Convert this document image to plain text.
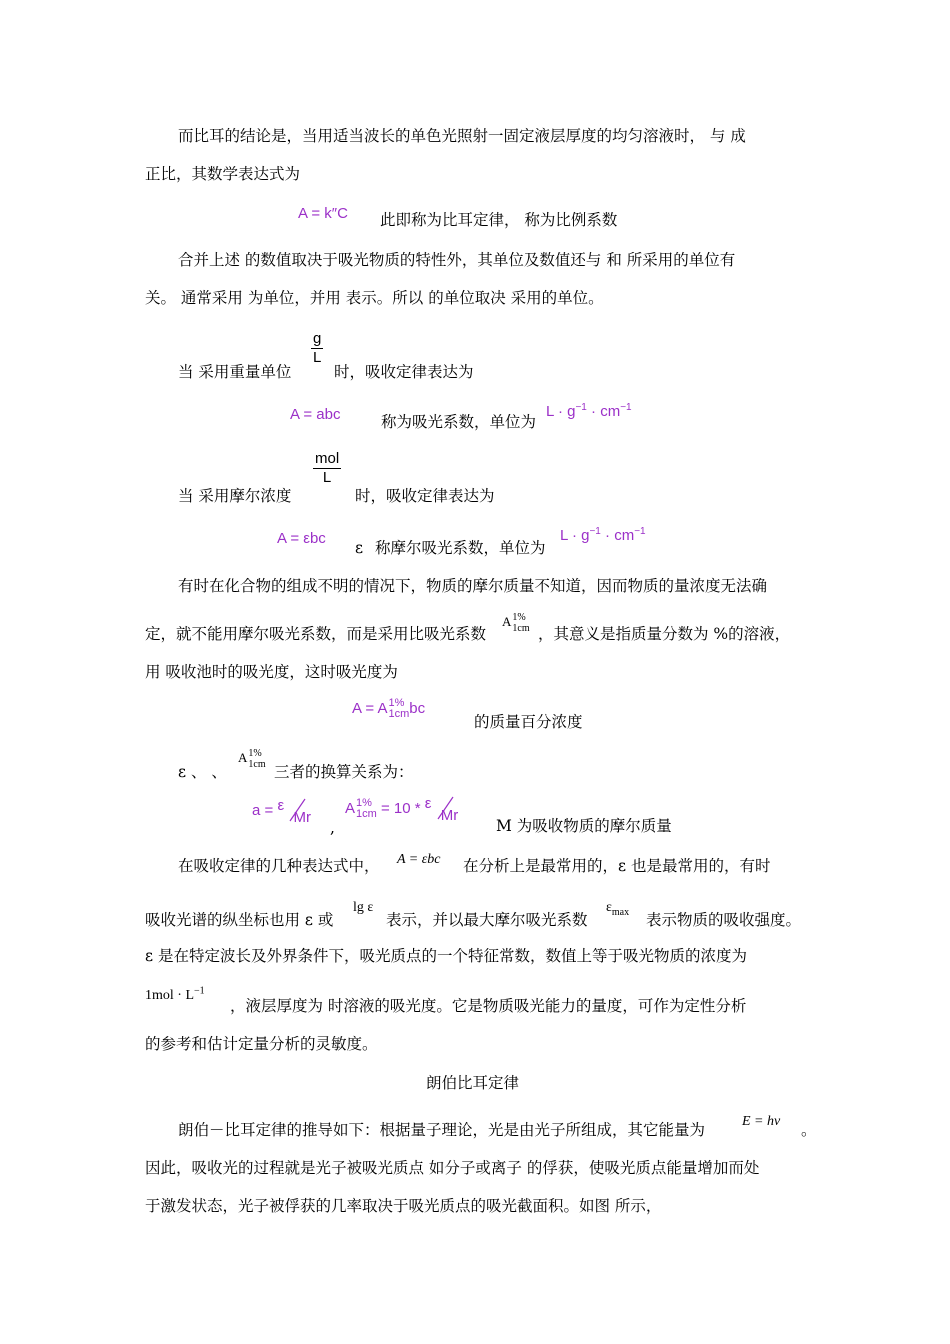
而比耳的结论是，当用适当波长的单色光照射一固定液层厚度的均匀溶液时， 与 成
正比，其数学表达式为
A = k″C 此即称为比耳定律， 称为比例系数
合并上述 的数值取决于吸光物质的特性外，其单位及数值还与 和 所采用的单位有
关。 通常采用 为单位，并用 表示。所以 的单位取决 采用的单位。
$\frac{g}{L}$
当 采用重量单位	时，吸收定律表达为
A = abc	称为吸光系数，单位为
$L \cdot g^{-1} \cdot cm^{-1}$
mol
L
当 采用摩尔浓度	时，吸收定律表达为
A = εbc
ε 称摩尔吸光系数，单位为
$L \cdot g^{-1} \cdot cm^{-1}$
有时在化合物的组成不明的情况下，物质的摩尔质量不知道，因而物质的量浓度无法确
定，就不能用摩尔吸光系数，而是采用比吸光系数
A 1%
1cm ，其意义是指质量分数为 %的溶液，
用 吸收池时的吸光度，这时吸光度为
A = A 1%
1cm bc
的质量百分浓度
ε 、 、
A 1%
1cm 三者的换算关系为：
a = ε
Mr
,
A 1%
1cm = 10 * ε
Mr
M 为吸收物质的摩尔质量
在吸收定律的几种表达式中， A = εbc 在分析上是最常用的，ε 也是最常用的，有时
吸收光谱的纵坐标也用 ε 或
lg ε
表示，并以最大摩尔吸光系数
$\varepsilon_{max}$ 表示物质的吸收强度。
ε 是在特定波长及外界条件下，吸光质点的一个特征常数，数值上等于吸光物质的浓度为
$1mol \cdot L^{-1}$
，液层厚度为 时溶液的吸光度。它是物质吸光能力的量度，可作为定性分析
的参考和估计定量分析的灵敏度。
朗伯比耳定律
朗伯－比耳定律的推导如下：根据量子理论，光是由光子所组成，其它能量为	E = hν 。
因此，吸收光的过程就是光子被吸光质点 如分子或离子 的俘获，使吸光质点能量增加而处
于激发状态，光子被俘获的几率取决于吸光质点的吸光截面积。如图 所示，
